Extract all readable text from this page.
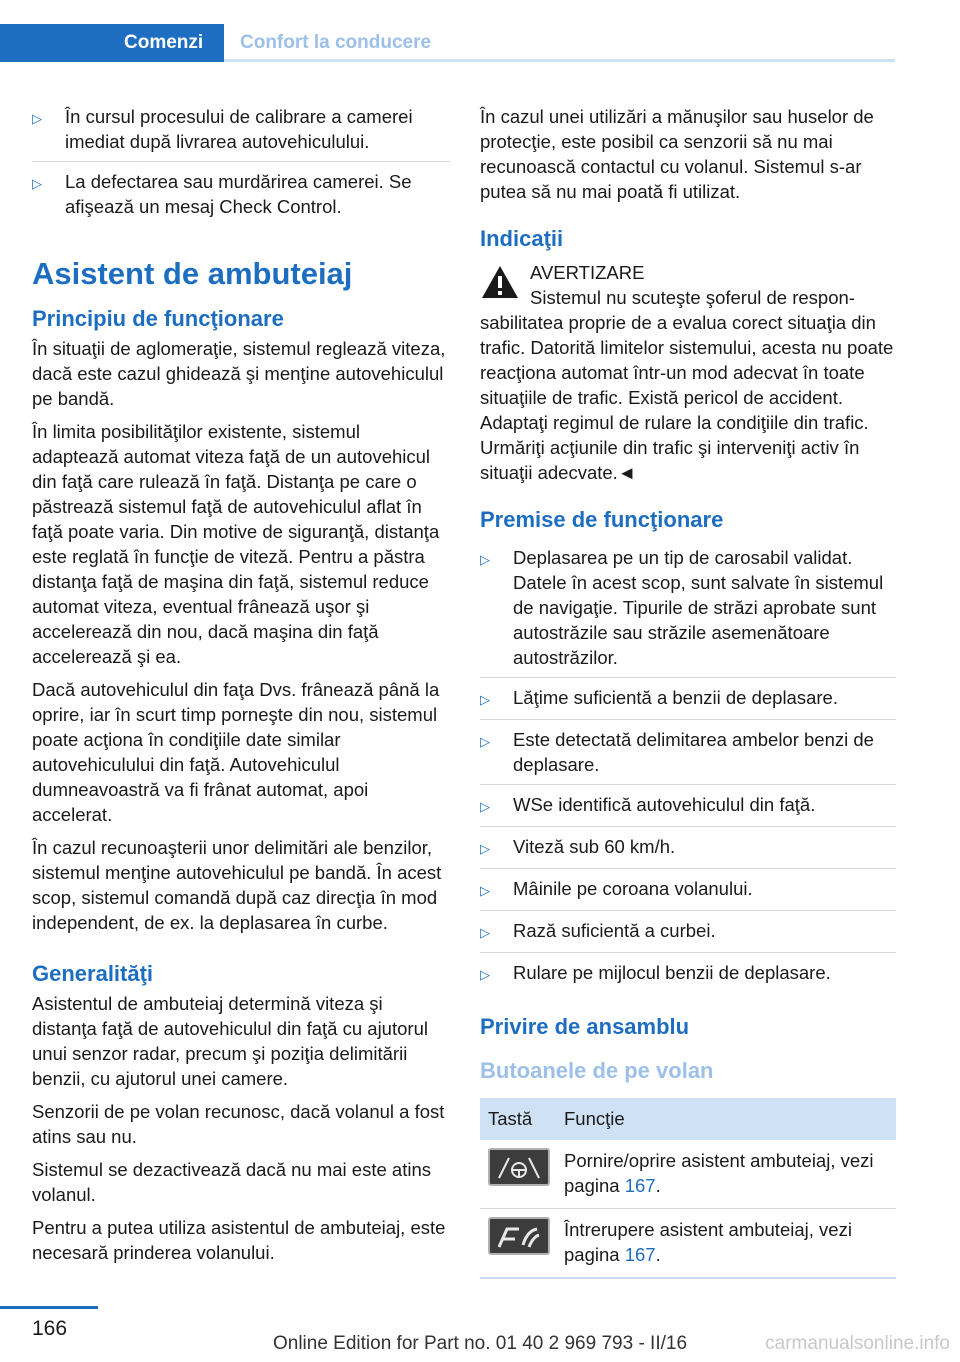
Comenzi Confort la conducere
▷	În cursul procesului de calibrare a camerei imediat după livrarea autovehiculului.
▷	La defectarea sau murdărirea camerei. Se afişează un mesaj Check Control.
Asistent de ambuteiaj
Principiu de funcţionare

În situaţii de aglomeraţie, sistemul reglează viteza, dacă este cazul ghidează şi menţine autovehiculul pe bandă.

În limita posibilităţilor existente, sistemul adaptează automat viteza faţă de un autovehicul din faţă care rulează în faţă. Distanţa pe care o păstrează sistemul faţă de autovehiculul aflat în faţă poate varia. Din motive de siguranţă, distanţa este reglată în funcţie de viteză. Pentru a păstra distanţa faţă de maşina din faţă, sistemul reduce automat viteza, eventual frânează uşor şi accelerează din nou, dacă maşina din faţă accelerează şi ea.

Dacă autovehiculul din faţa Dvs. frânează până la oprire, iar în scurt timp porneşte din nou, sistemul poate acţiona în condiţiile date similar autovehiculului din faţă. Autovehiculul dumneavoastră va fi frânat automat, apoi accelerat.

În cazul recunoaşterii unor delimitări ale benzilor, sistemul menţine autovehiculul pe bandă. În acest scop, sistemul comandă după caz direcţia în mod independent, de ex. la deplasarea în curbe.

Generalităţi

Asistentul de ambuteiaj determină viteza şi distanţa faţă de autovehiculul din faţă cu ajutorul unui senzor radar, precum şi poziţia delimitării benzii, cu ajutorul unei camere.

Senzorii de pe volan recunosc, dacă volanul a fost atins sau nu.

Sistemul se dezactivează dacă nu mai este atins volanul.

Pentru a putea utiliza asistentul de ambuteiaj, este necesară prinderea volanului.

În cazul unei utilizări a mănuşilor sau huselor de protecţie, este posibil ca senzorii să nu mai recunoască contactul cu volanul. Sistemul s-ar putea să nu mai poată fi utilizat.

Indicaţii
AVERTIZARE
Sistemul nu scuteşte şoferul de respon-
sabilitatea proprie de a evalua corect situaţia din trafic. Datorită limitelor sistemului, acesta nu poate reacţiona automat într-un mod adecvat în toate situaţiile de trafic. Există pericol de accident. Adaptaţi regimul de rulare la condiţiile din trafic. Urmăriţi acţiunile din trafic şi interveniţi activ în situaţii adecvate.◄
Premise de funcţionare
▷	Deplasarea pe un tip de carosabil validat. Datele în acest scop, sunt salvate în sistemul de navigaţie. Tipurile de străzi aprobate sunt autostrăzile sau străzile asemenătoare autostrăzilor.
▷	Lăţime suficientă a benzii de deplasare.
▷	Este detectată delimitarea ambelor benzi de deplasare.
▷	WSe identifică autovehiculul din faţă.
▷	Viteză sub 60 km/h.
▷	Mâinile pe coroana volanului.
▷	Rază suficientă a curbei.
▷	Rulare pe mijlocul benzii de deplasare.
Privire de ansamblu
Butoanele de pe volan
Tastă	Funcţie

	Pornire/oprire asistent ambuteiaj, vezi pagina 167.

	Întrerupere asistent ambuteiaj, vezi pagina 167.
166
Online Edition for Part no. 01 40 2 969 793 - II/16	carmanualsonline.info
